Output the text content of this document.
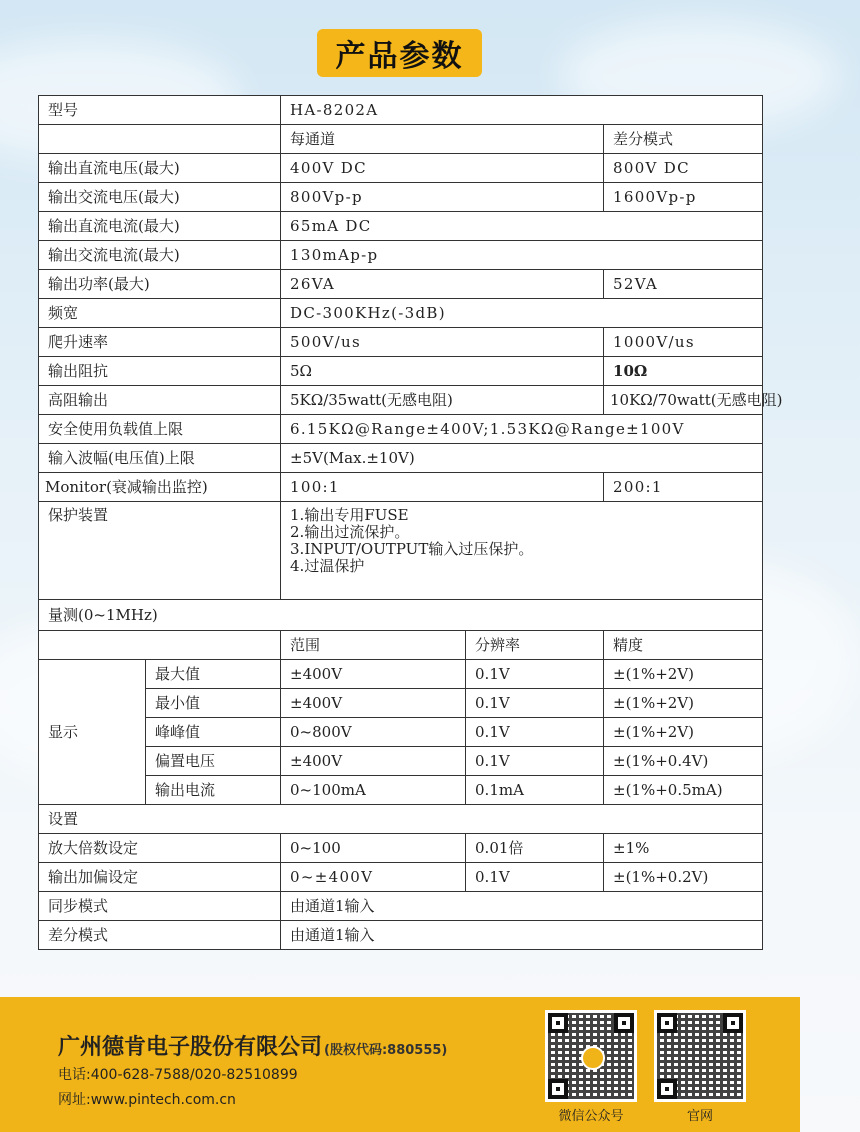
产品参数
型号		HA-8202A		
		每通道		差分模式
输出直流电压(最大)		400V DC		800V DC
输出交流电压(最大)		800Vp-p		1600Vp-p
输出直流电流(最大)		65mA DC		
输出交流电流(最大)		130mAp-p		
输出功率(最大)		26VA		52VA
频宽		DC-300KHz(-3dB)		
爬升速率		500V/us		1000V/us
输出阻抗		5Ω		10Ω
高阻输出		5KΩ/35watt(无感电阻)		10KΩ/70watt(无感电阻)
安全使用负载值上限		6.15KΩ@Range±400V;1.53KΩ@Range±100V		
输入波幅(电压值)上限		±5V(Max.±10V)		
Monitor(衰减输出监控)		100:1		200:1
保护装置		1.输出专用FUSE
2.输出过流保护。
3.INPUT/OUTPUT输入过压保护。
4.过温保护		

量测(0~1MHz)				
		范围	分辨率	精度
显示	最大值	±400V	0.1V	±(1%+2V)
	最小值	±400V	0.1V	±(1%+2V)
	峰峰值	0~800V	0.1V	±(1%+2V)
	偏置电压	±400V	0.1V	±(1%+0.4V)
	输出电流	0~100mA	0.1mA	±(1%+0.5mA)
设置				
放大倍数设定		0~100	0.01倍	±1%
输出加偏设定		0~±400V	0.1V	±(1%+0.2V)
同步模式		由通道1输入		
差分模式		由通道1输入		
广州德肯电子股份有限公司 (股权代码:880555)
电话:400-628-7588/020-82510899
网址:www.pintech.com.cn
微信公众号	官网
